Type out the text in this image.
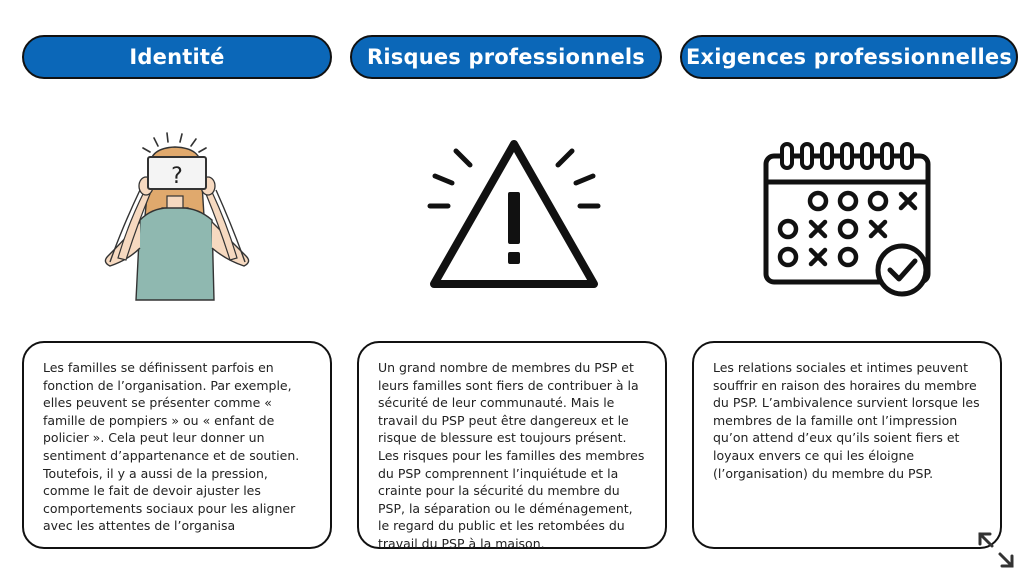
Identité	Risques professionnels Exigences professionnelles
?
Les familles se définissent parfois en fonction de l’organisation. Par exemple, elles peuvent se présenter comme « famille de pompiers » ou « enfant de policier ». Cela peut leur donner un sentiment d’appartenance et de soutien. Toutefois, il y a aussi de la pression, comme le fait de devoir ajuster les comportements sociaux pour les aligner avec les attentes de l’organisa
Un grand nombre de membres du PSP et leurs familles sont fiers de contribuer à la sécurité de leur communauté. Mais le travail du PSP peut être dangereux et le risque de blessure est toujours présent. Les risques pour les familles des membres du PSP comprennent l’inquiétude et la crainte pour la sécurité du membre du PSP, la séparation ou le déménagement, le regard du public et les retombées du travail du PSP à la maison.
Les relations sociales et intimes peuvent souffrir en raison des horaires du membre du PSP. L’ambivalence survient lorsque les membres de la famille ont l’impression qu’on attend d’eux qu’ils soient fiers et loyaux envers ce qui les éloigne (l’organisation) du membre du PSP.
